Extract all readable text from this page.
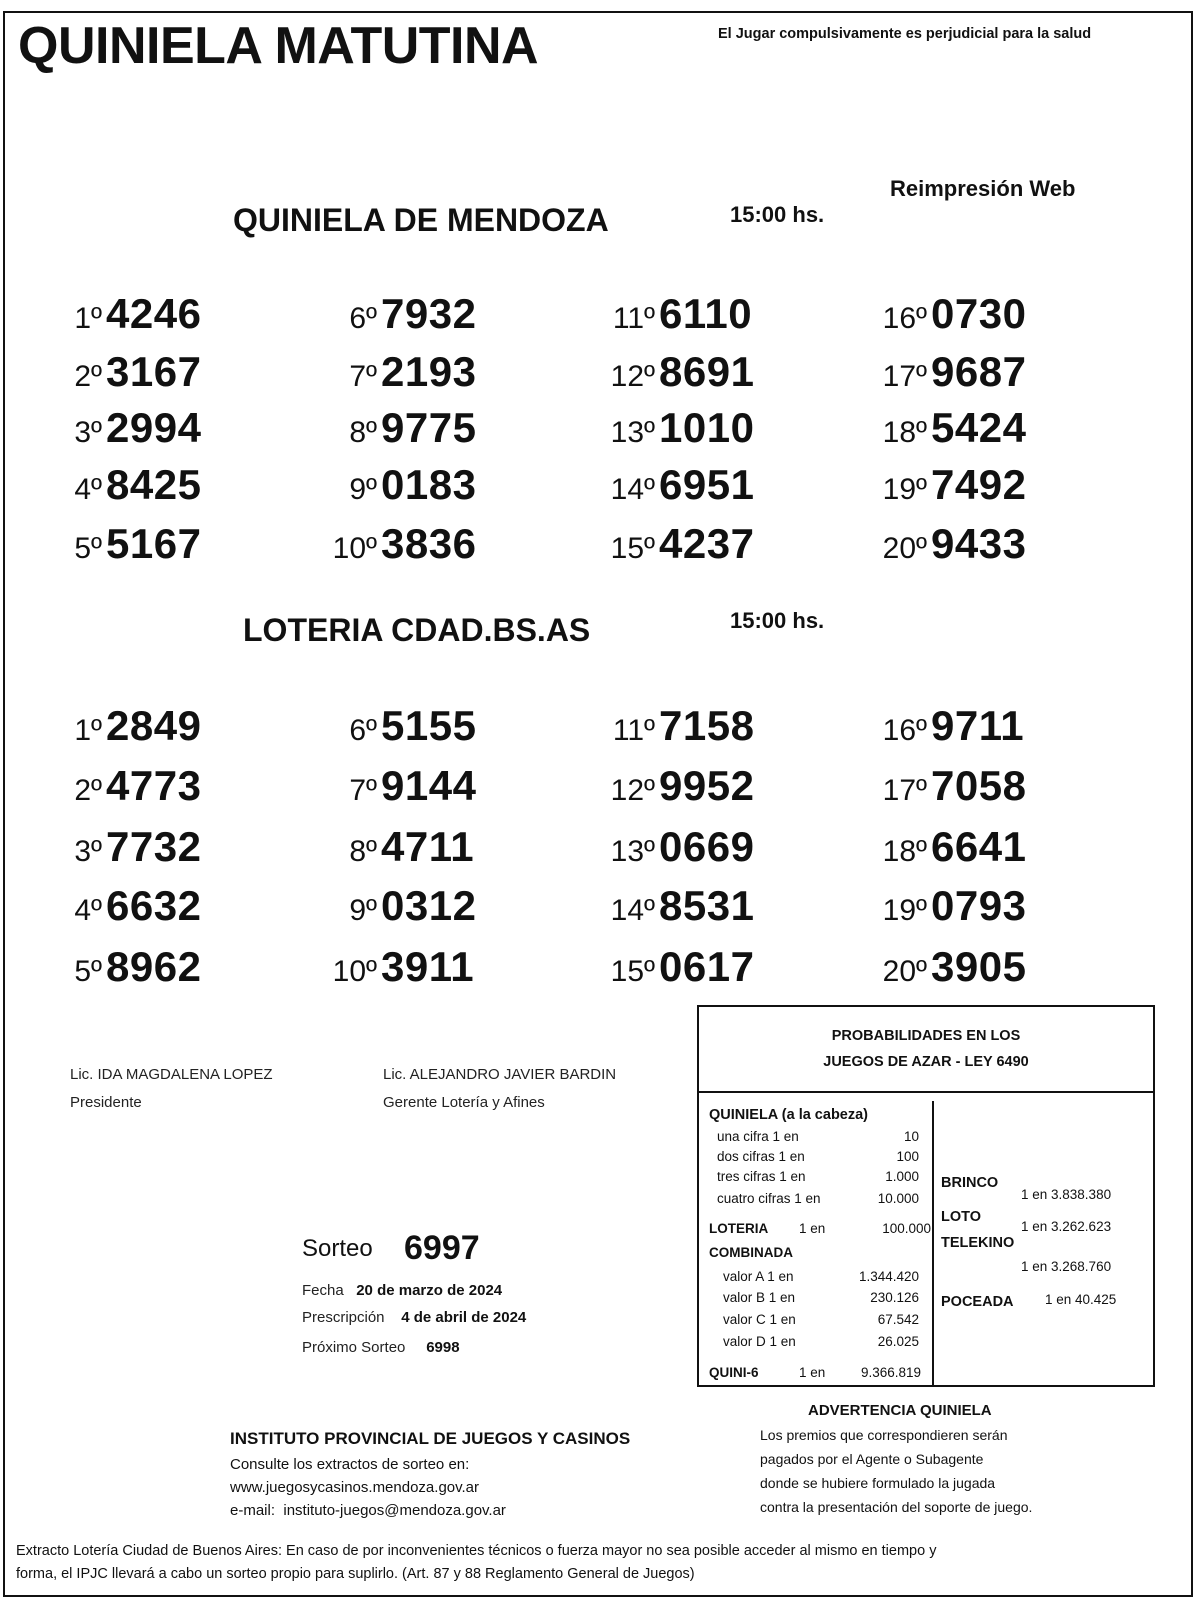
QUINIELA MATUTINA	El Jugar compulsivamente es perjudicial para la salud
Reimpresión Web
QUINIELA DE MENDOZA	15:00 hs.
1º4246
2º3167
3º2994
4º8425
5º5167
6º7932
7º2193
8º9775
9º0183
10º3836
11º6110
12º8691
13º1010
14º6951
15º4237
16º0730
17º9687
18º5424
19º7492
20º9433
LOTERIA CDAD.BS.AS	15:00 hs.
1º2849
2º4773
3º7732
4º6632
5º8962
6º5155
7º9144
8º4711
9º0312
10º3911
11º7158
12º9952
13º0669
14º8531
15º0617
16º9711
17º7058
18º6641
19º0793
20º3905
Lic. IDA MAGDALENA LOPEZ
Presidente
Lic. ALEJANDRO JAVIER BARDIN
Gerente Lotería y Afines
Sorteo 6997
Fecha 20 de marzo de 2024
Prescripción 4 de abril de 2024
Próximo Sorteo 6998
PROBABILIDADES EN LOS
JUEGOS DE AZAR - LEY 6490
QUINIELA (a la cabeza)
una cifra 1 en	10
dos cifras 1 en	100
tres cifras 1 en	1.000
cuatro cifras 1 en	10.000
LOTERIA 1 en	100.000
COMBINADA
valor A 1 en	1.344.420
valor B 1 en	230.126
valor C 1 en	67.542
valor D 1 en	26.025
QUINI-6	1 en	9.366.819
BRINCO
1 en 3.838.380
LOTO
1 en 3.262.623
TELEKINO
1 en 3.268.760
POCEADA 1 en 40.425
ADVERTENCIA QUINIELA
Los premios que correspondieren serán
pagados por el Agente o Subagente
donde se hubiere formulado la jugada
contra la presentación del soporte de juego.
INSTITUTO PROVINCIAL DE JUEGOS Y CASINOS
Consulte los extractos de sorteo en:
www.juegosycasinos.mendoza.gov.ar
e-mail: instituto-juegos@mendoza.gov.ar
Extracto Lotería Ciudad de Buenos Aires: En caso de por inconvenientes técnicos o fuerza mayor no sea posible acceder al mismo en tiempo y
forma, el IPJC llevará a cabo un sorteo propio para suplirlo. (Art. 87 y 88 Reglamento General de Juegos)
